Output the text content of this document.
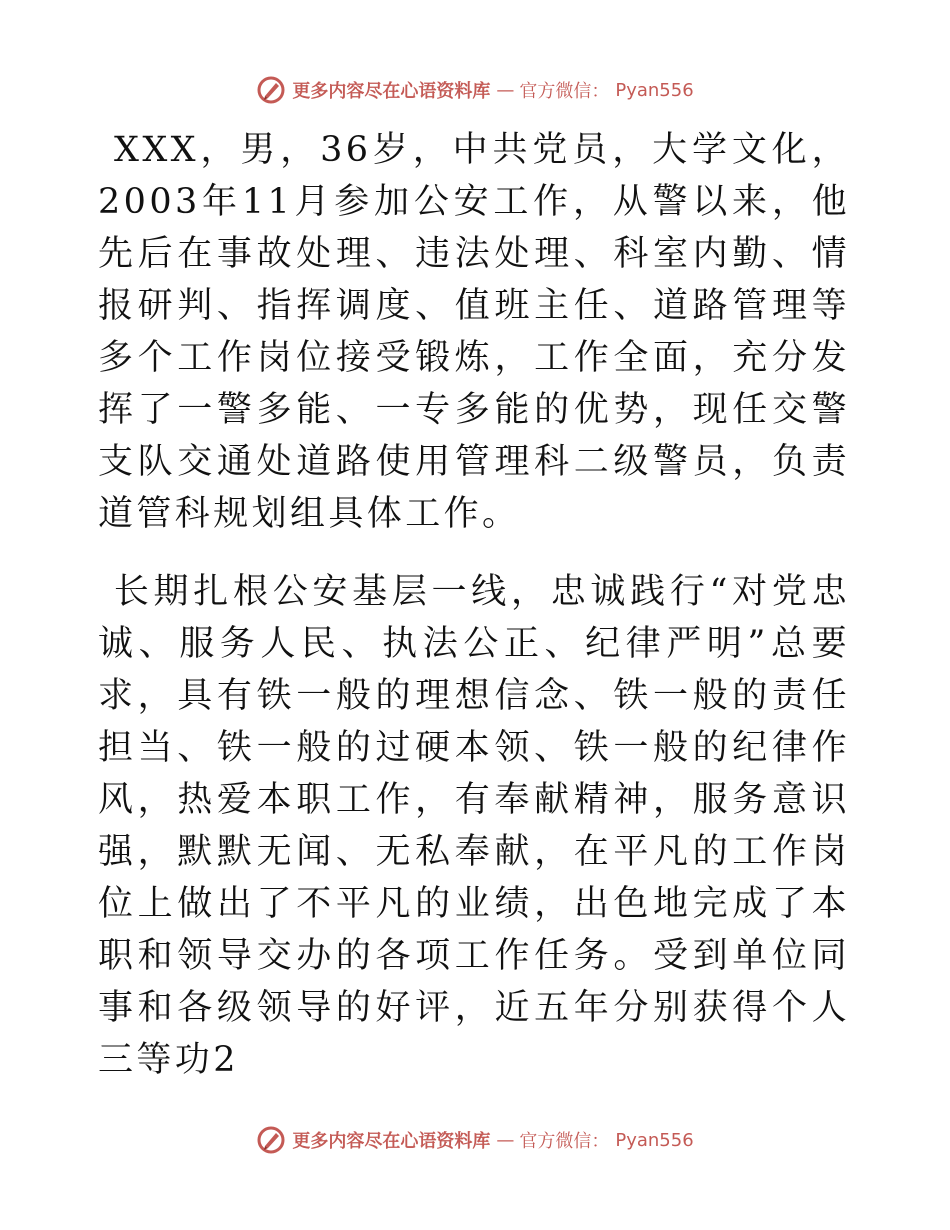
更多内容尽在心语资料库 — 官方微信： Pyan556

XXX，男，36岁，中共党员，大学文化，2003年11月参加公安工作，从警以来，他先后在事故处理、违法处理、科室内勤、情报研判、指挥调度、值班主任、道路管理等多个工作岗位接受锻炼，工作全面，充分发挥了一警多能、一专多能的优势，现任交警支队交通处道路使用管理科二级警员，负责道管科规划组具体工作。

长期扎根公安基层一线，忠诚践行“对党忠诚、服务人民、执法公正、纪律严明”总要求，具有铁一般的理想信念、铁一般的责任担当、铁一般的过硬本领、铁一般的纪律作风，热爱本职工作，有奉献精神，服务意识强，默默无闻、无私奉献，在平凡的工作岗位上做出了不平凡的业绩，出色地完成了本职和领导交办的各项工作任务。受到单位同事和各级领导的好评，近五年分别获得个人三等功2

更多内容尽在心语资料库 — 官方微信： Pyan556
